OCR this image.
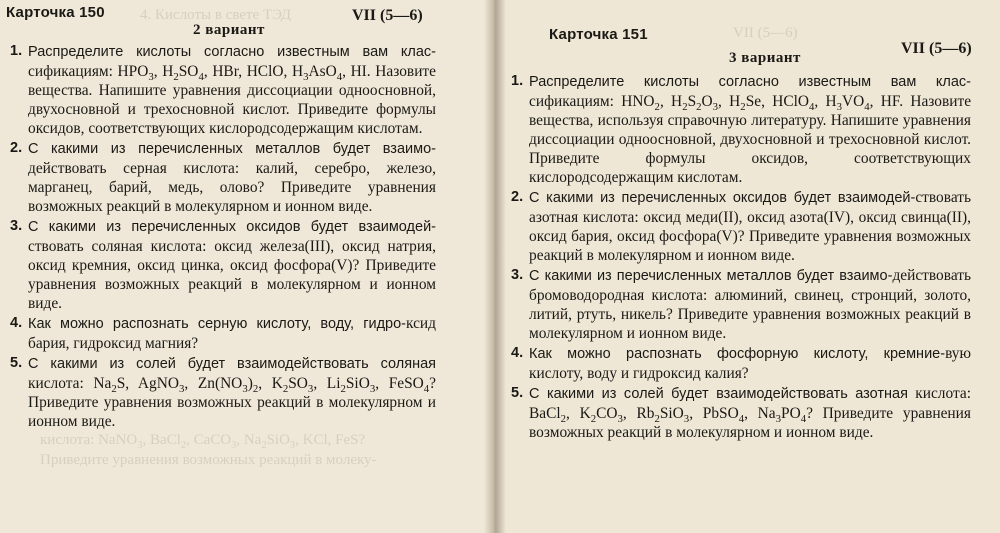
4. Кислоты в свете ТЭД
кислота: NaNO$_3$, BaCl$_2$, CaCO$_3$, $Na_2SiO_3$, KCl, FeS?
Приведите уравнения возможных реакций в молеку-
Карточка 150	VII (5—6)
2 вариант
1. Распределите кислоты согласно известным вам клас-сификациям: $HPO_3$, $H_2SO_4$, HBr, HClO, $H_3AsO_4$, HI. Назовите вещества. Напишите уравнения диссоциации одноосновной, двухосновной и трехосновной кислот. Приведите формулы оксидов, соответствующих кислородсодержащим кислотам.
2. С какими из перечисленных металлов будет взаимо-действовать серная кислота: калий, серебро, железо, марганец, барий, медь, олово? Приведите уравнения возможных реакций в молекулярном и ионном виде.
3. С какими из перечисленных оксидов будет взаимодей-ствовать соляная кислота: оксид железа(III), оксид натрия, оксид кремния, оксид цинка, оксид фосфора(V)? Приведите уравнения возможных реакций в молекулярном и ионном виде.
4. Как можно распознать серную кислоту, воду, гидро-ксид бария, гидроксид магния?
5. С какими из солей будет взаимодействовать соляная кислота: $Na_2S$, AgNO$_3$, $Zn(NO_3)_2$, $K_2SO_3$, $Li_2SiO_3$, FeSO$_4$? Приведите уравнения возможных реакций в молекулярном и ионном виде.
VII (5—6)
Карточка 151
VII (5—6)
3 вариант
1. Распределите кислоты согласно известным вам клас-сификациям: $HNO_2$, $H_2S_2O_3$, $H_2Se$, HClO$_4$, $H_3VO_4$, HF. Назовите вещества, используя справочную литературу. Напишите уравнения диссоциации одноосновной, двухосновной и трехосновной кислот. Приведите формулы оксидов, соответствующих кислородсодержащим кислотам.
2. С какими из перечисленных оксидов будет взаимодей-ствовать азотная кислота: оксид меди(II), оксид азота(IV), оксид свинца(II), оксид бария, оксид фосфора(V)? Приведите уравнения возможных реакций в молекулярном и ионном виде.
3. С какими из перечисленных металлов будет взаимо-действовать бромоводородная кислота: алюминий, свинец, стронций, золото, литий, ртуть, никель? Приведите уравнения возможных реакций в молекулярном и ионном виде.
4. Как можно распознать фосфорную кислоту, кремние-вую кислоту, воду и гидроксид калия?
5. С какими из солей будет взаимодействовать азотная кислота: BaCl$_2$, $K_2CO_3$, $Rb_2SiO_3$, PbSO$_4$, $Na_3PO_4$? Приведите уравнения возможных реакций в молекулярном и ионном виде.
